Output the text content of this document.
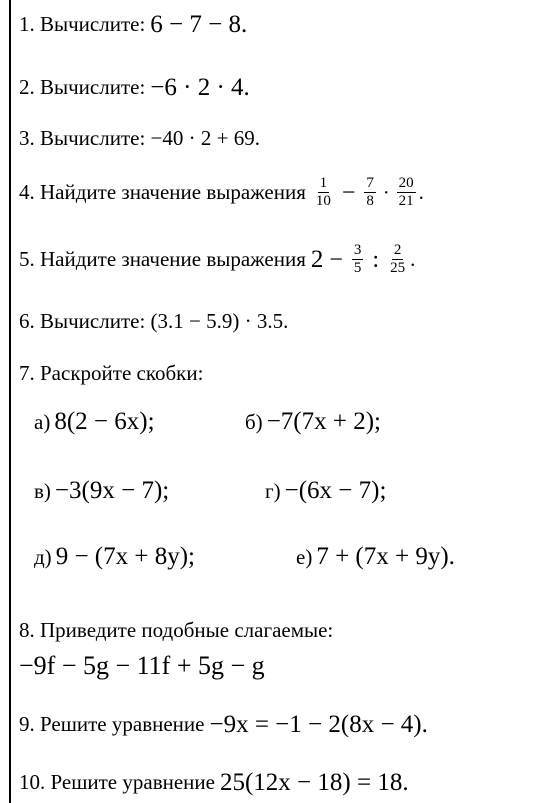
1.
Вычислите: 6 − 7 − 8.
2.
Вычислите: −6 · 2 · 4.
3.
Вычислите:
−40 · 2 + 69.
4.
Найдите значение выражения $\frac{1}{10} - \frac{7}{8} \cdot \frac{20}{21}$ .
5.
Найдите значение выражения $2 - \frac{3}{5}$ : $\frac{2}{25}$ .
6.
Вычислите:
(3.1 − 5.9) · 3.5.
7.
Раскройте скобки:
а) 8(2 − 6x);	б) −7(7x + 2);
в) −3(9x − 7);	г) −(6x − 7);
д) 9 − (7x + 8y);	е) 7 + (7x + 9y).
8.
Приведите подобные слагаемые:
−9f − 5g − 11f + 5g − g
9.
Решите уравнение −9x = −1 − 2(8x − 4).
10.
Решите уравнение 25(12x − 18) = 18.
